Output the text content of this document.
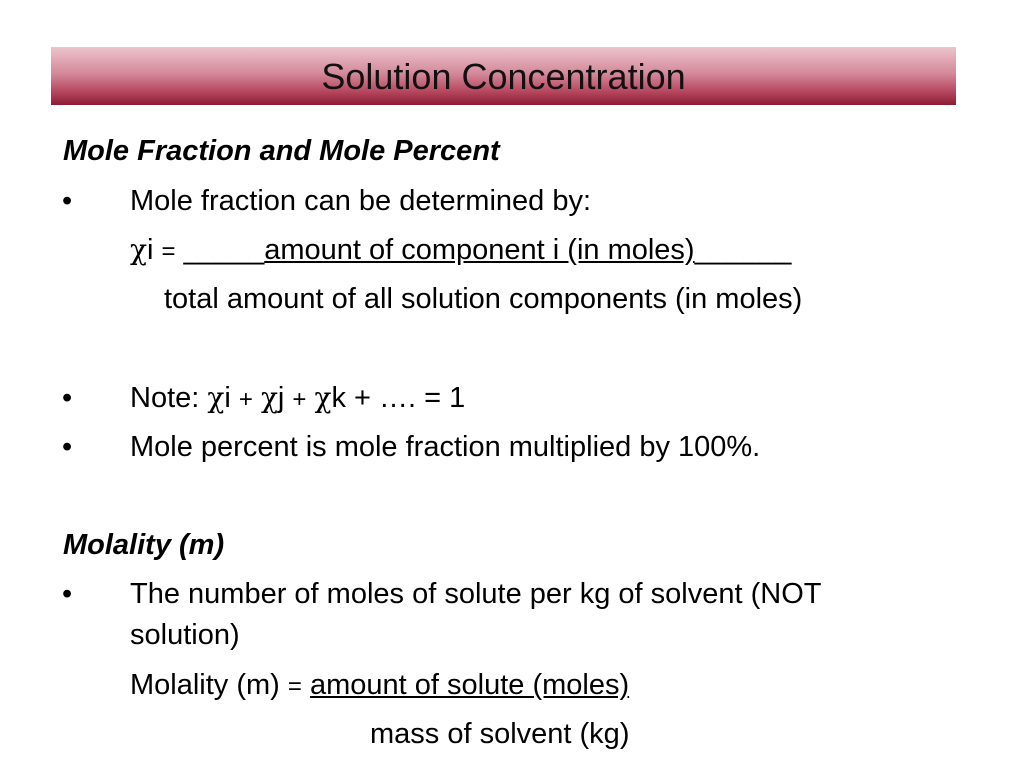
Solution Concentration
Mole Fraction and Mole Percent
• Mole fraction can be determined by:
χi = _____amount of component i (in moles)______
total amount of all solution components (in moles)
• Note: χi + χj + χk + …. = 1
• Mole percent is mole fraction multiplied by 100%.
Molality (m)
• The number of moles of solute per kg of solvent (NOT
solution)
Molality (m) = amount of solute (moles)
mass of solvent (kg)
